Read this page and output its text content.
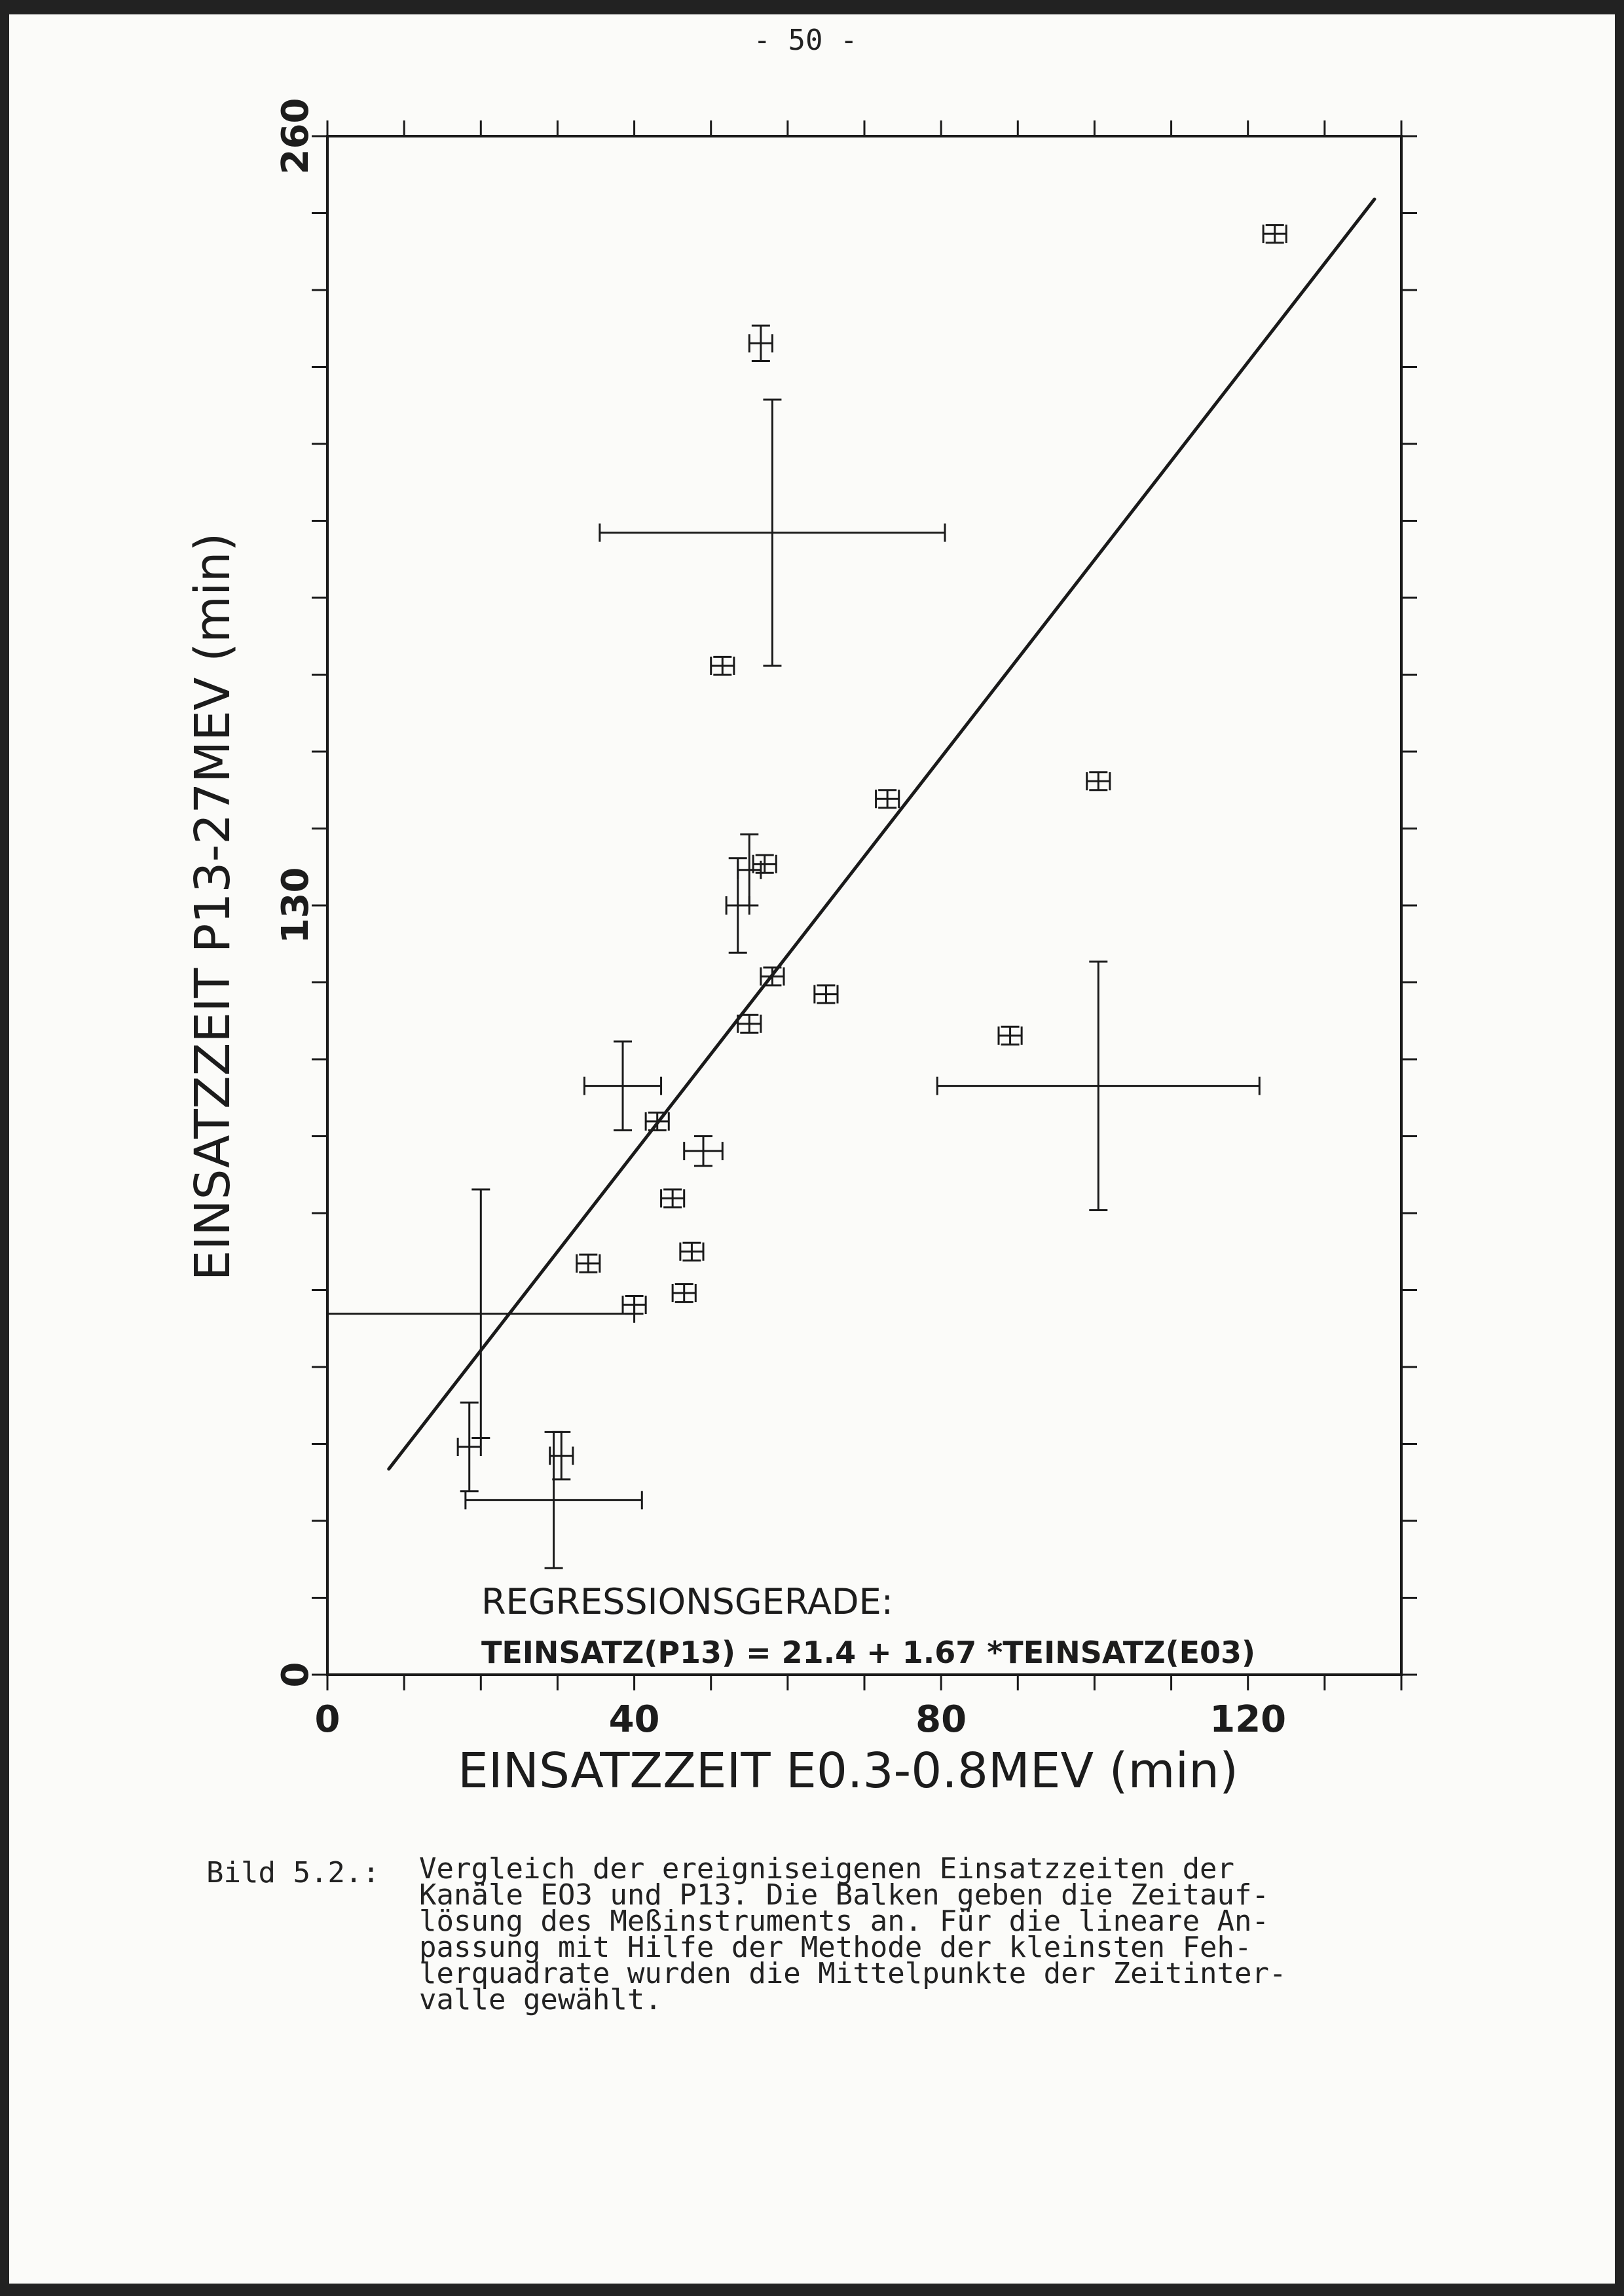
- 50 -
0	40	80	120
0
130
260
REGRESSIONSGERADE:
TEINSATZ(P13) = 21.4 + 1.67 *TEINSATZ(E03)
EINSATZZEIT E0.3-0.8MEV (min)
EINSATZZEIT P13-27MEV (min)
Bild 5.2.: Vergleich der ereigniseigenen Einsatzzeiten der
Kanäle EO3 und P13. Die Balken geben die Zeitauf-
lösung des Meßinstruments an. Für die lineare An-
passung mit Hilfe der Methode der kleinsten Feh-
lerquadrate wurden die Mittelpunkte der Zeitinter-
valle gewählt.
